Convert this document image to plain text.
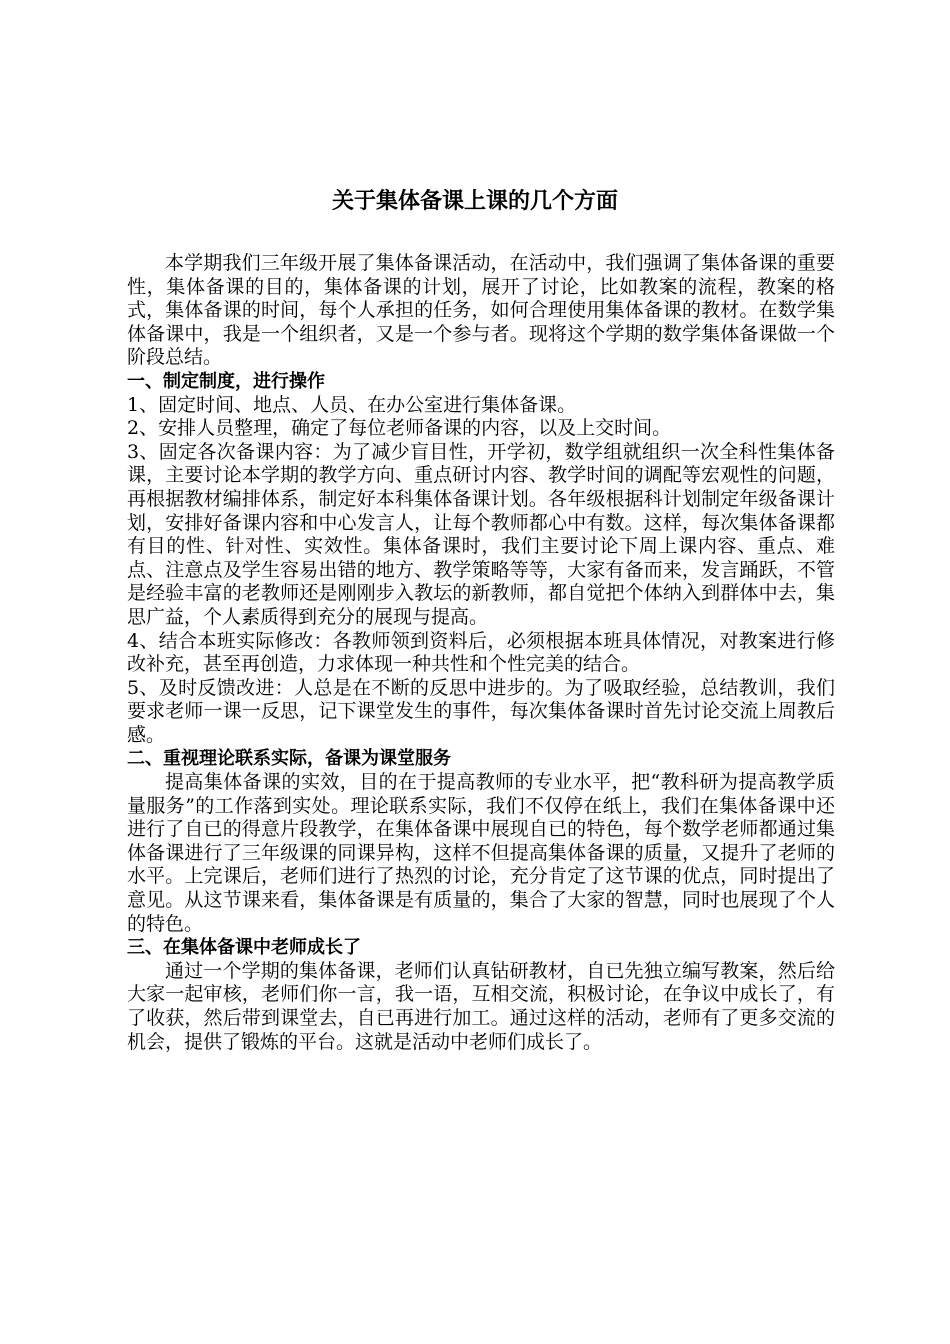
关于集体备课上课的几个方面

本学期我们三年级开展了集体备课活动，在活动中，我们强调了集体备课的重要性，集体备课的目的，集体备课的计划，展开了讨论，比如教案的流程，教案的格式，集体备课的时间，每个人承担的任务，如何合理使用集体备课的教材。在数学集体备课中，我是一个组织者，又是一个参与者。现将这个学期的数学集体备课做一个阶段总结。

一、制定制度，进行操作

1、固定时间、地点、人员、在办公室进行集体备课。

2、安排人员整理，确定了每位老师备课的内容，以及上交时间。

3、固定各次备课内容：为了减少盲目性，开学初，数学组就组织一次全科性集体备课，主要讨论本学期的教学方向、重点研讨内容、教学时间的调配等宏观性的问题，再根据教材编排体系，制定好本科集体备课计划。各年级根据科计划制定年级备课计划，安排好备课内容和中心发言人，让每个教师都心中有数。这样，每次集体备课都有目的性、针对性、实效性。集体备课时，我们主要讨论下周上课内容、重点、难点、注意点及学生容易出错的地方、教学策略等等，大家有备而来，发言踊跃，不管是经验丰富的老教师还是刚刚步入教坛的新教师，都自觉把个体纳入到群体中去，集思广益，个人素质得到充分的展现与提高。

4、结合本班实际修改：各教师领到资料后，必须根据本班具体情况，对教案进行修改补充，甚至再创造，力求体现一种共性和个性完美的结合。

5、及时反馈改进：人总是在不断的反思中进步的。为了吸取经验，总结教训，我们要求老师一课一反思，记下课堂发生的事件，每次集体备课时首先讨论交流上周教后感。

二、重视理论联系实际，备课为课堂服务

提高集体备课的实效，目的在于提高教师的专业水平，把“教科研为提高教学质量服务”的工作落到实处。理论联系实际，我们不仅停在纸上，我们在集体备课中还进行了自已的得意片段教学，在集体备课中展现自已的特色，每个数学老师都通过集体备课进行了三年级课的同课异构，这样不但提高集体备课的质量，又提升了老师的水平。上完课后，老师们进行了热烈的讨论，充分肯定了这节课的优点，同时提出了意见。从这节课来看，集体备课是有质量的，集合了大家的智慧，同时也展现了个人的特色。

三、在集体备课中老师成长了

通过一个学期的集体备课，老师们认真钻研教材，自已先独立编写教案，然后给大家一起审核，老师们你一言，我一语，互相交流，积极讨论，在争议中成长了，有了收获，然后带到课堂去，自已再进行加工。通过这样的活动，老师有了更多交流的机会，提供了锻炼的平台。这就是活动中老师们成长了。
